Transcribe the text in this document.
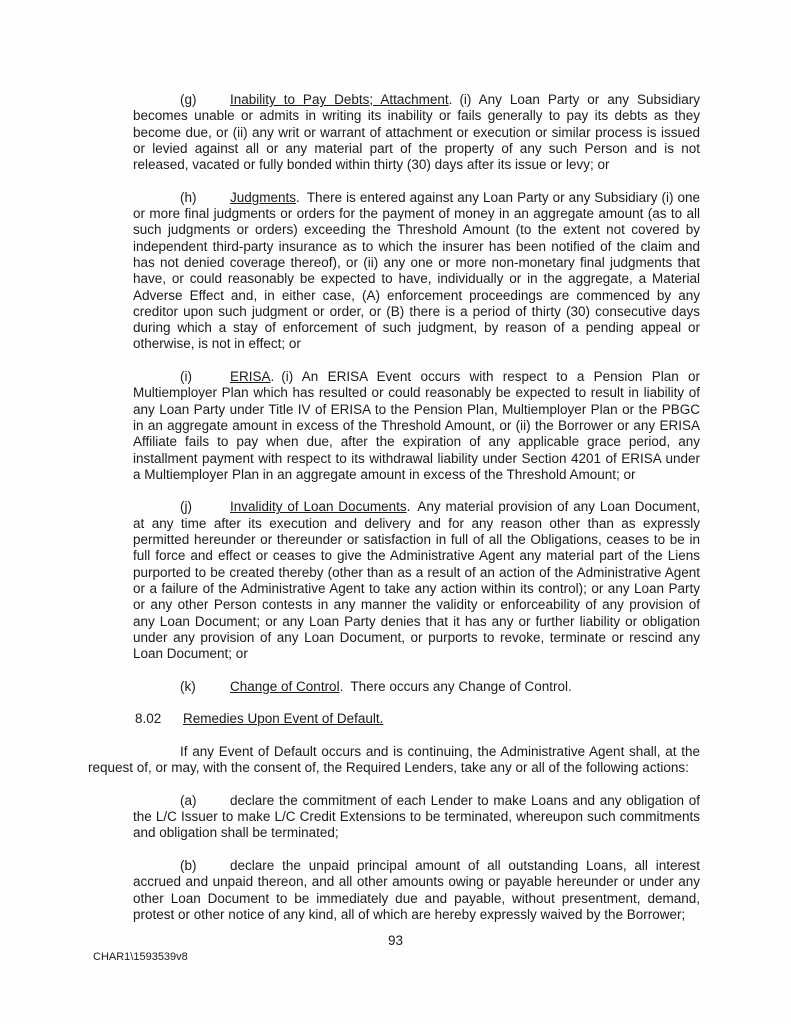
(g) Inability to Pay Debts; Attachment. (i) Any Loan Party or any Subsidiary becomes unable or admits in writing its inability or fails generally to pay its debts as they become due, or (ii) any writ or warrant of attachment or execution or similar process is issued or levied against all or any material part of the property of any such Person and is not released, vacated or fully bonded within thirty (30) days after its issue or levy; or

(h) Judgments. There is entered against any Loan Party or any Subsidiary (i) one or more final judgments or orders for the payment of money in an aggregate amount (as to all such judgments or orders) exceeding the Threshold Amount (to the extent not covered by independent third-party insurance as to which the insurer has been notified of the claim and has not denied coverage thereof), or (ii) any one or more non-monetary final judgments that have, or could reasonably be expected to have, individually or in the aggregate, a Material Adverse Effect and, in either case, (A) enforcement proceedings are commenced by any creditor upon such judgment or order, or (B) there is a period of thirty (30) consecutive days during which a stay of enforcement of such judgment, by reason of a pending appeal or otherwise, is not in effect; or

(i)	ERISA. (i) An ERISA Event occurs with respect to a Pension Plan or Multiemployer Plan which has resulted or could reasonably be expected to result in liability of any Loan Party under Title IV of ERISA to the Pension Plan, Multiemployer Plan or the PBGC in an aggregate amount in excess of the Threshold Amount, or (ii) the Borrower or any ERISA Affiliate fails to pay when due, after the expiration of any applicable grace period, any installment payment with respect to its withdrawal liability under Section 4201 of ERISA under a Multiemployer Plan in an aggregate amount in excess of the Threshold Amount; or

(j)	Invalidity of Loan Documents. Any material provision of any Loan Document, at any time after its execution and delivery and for any reason other than as expressly permitted hereunder or thereunder or satisfaction in full of all the Obligations, ceases to be in full force and effect or ceases to give the Administrative Agent any material part of the Liens purported to be created thereby (other than as a result of an action of the Administrative Agent or a failure of the Administrative Agent to take any action within its control); or any Loan Party or any other Person contests in any manner the validity or enforceability of any provision of any Loan Document; or any Loan Party denies that it has any or further liability or obligation under any provision of any Loan Document, or purports to revoke, terminate or rescind any Loan Document; or

(k)	Change of Control. There occurs any Change of Control.

8.02 Remedies Upon Event of Default.

If any Event of Default occurs and is continuing, the Administrative Agent shall, at the request of, or may, with the consent of, the Required Lenders, take any or all of the following actions:

(a) declare the commitment of each Lender to make Loans and any obligation of the L/C Issuer to make L/C Credit Extensions to be terminated, whereupon such commitments and obligation shall be terminated;

(b) declare the unpaid principal amount of all outstanding Loans, all interest accrued and unpaid thereon, and all other amounts owing or payable hereunder or under any other Loan Document to be immediately due and payable, without presentment, demand, protest or other notice of any kind, all of which are hereby expressly waived by the Borrower;

93
CHAR1\1593539v8
